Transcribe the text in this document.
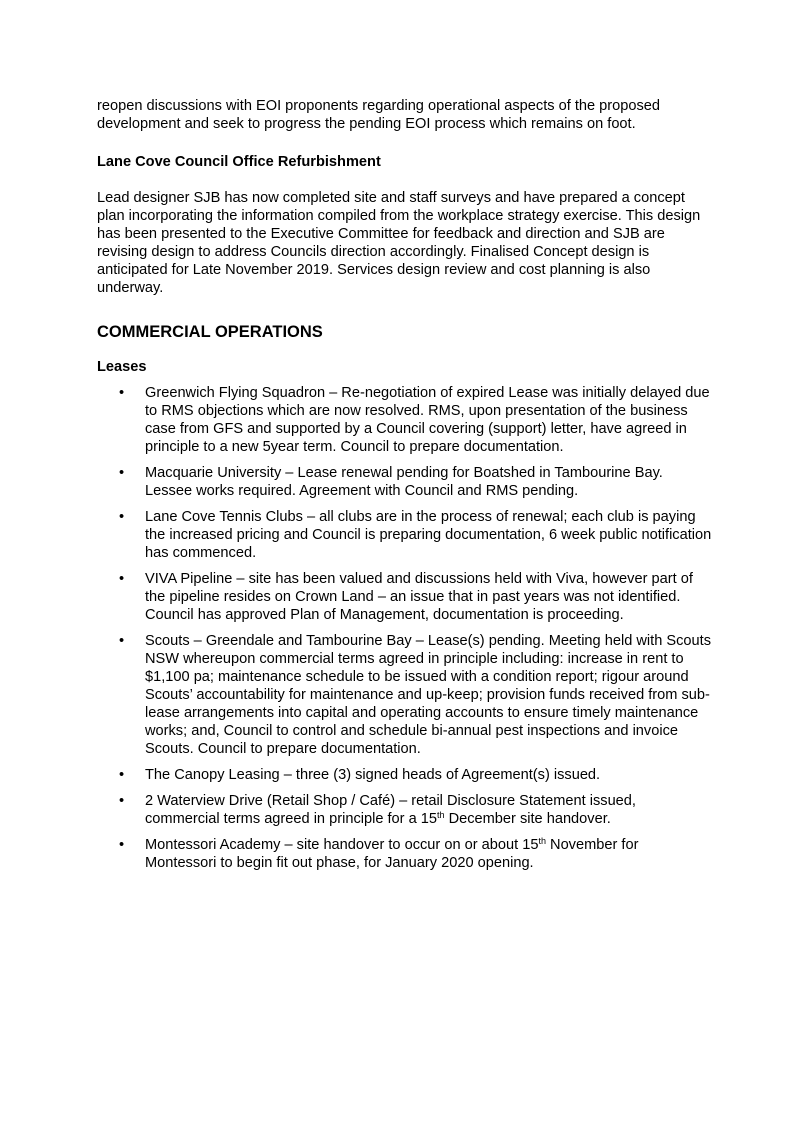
reopen discussions with EOI proponents regarding operational aspects of the proposed development and seek to progress the pending EOI process which remains on foot.

Lane Cove Council Office Refurbishment

Lead designer SJB has now completed site and staff surveys and have prepared a concept plan incorporating the information compiled from the workplace strategy exercise. This design has been presented to the Executive Committee for feedback and direction and SJB are revising design to address Councils direction accordingly. Finalised Concept design is anticipated for Late November 2019. Services design review and cost planning is also underway.

COMMERCIAL OPERATIONS

Leases

• Greenwich Flying Squadron – Re-negotiation of expired Lease was initially delayed due to RMS objections which are now resolved. RMS, upon presentation of the business case from GFS and supported by a Council covering (support) letter, have agreed in principle to a new 5year term. Council to prepare documentation.
• Macquarie University – Lease renewal pending for Boatshed in Tambourine Bay. Lessee works required. Agreement with Council and RMS pending.
• Lane Cove Tennis Clubs – all clubs are in the process of renewal; each club is paying the increased pricing and Council is preparing documentation, 6 week public notification has commenced.
• VIVA Pipeline – site has been valued and discussions held with Viva, however part of the pipeline resides on Crown Land – an issue that in past years was not identified. Council has approved Plan of Management, documentation is proceeding.
• Scouts – Greendale and Tambourine Bay – Lease(s) pending. Meeting held with Scouts NSW whereupon commercial terms agreed in principle including: increase in rent to $1,100 pa; maintenance schedule to be issued with a condition report; rigour around Scouts’ accountability for maintenance and up-keep; provision funds received from sub-lease arrangements into capital and operating accounts to ensure timely maintenance works; and, Council to control and schedule bi-annual pest inspections and invoice Scouts. Council to prepare documentation.
• The Canopy Leasing – three (3) signed heads of Agreement(s) issued.
• 2 Waterview Drive (Retail Shop / Café) – retail Disclosure Statement issued, commercial terms agreed in principle for a 15th December site handover.
• Montessori Academy – site handover to occur on or about 15th November for Montessori to begin fit out phase, for January 2020 opening.
